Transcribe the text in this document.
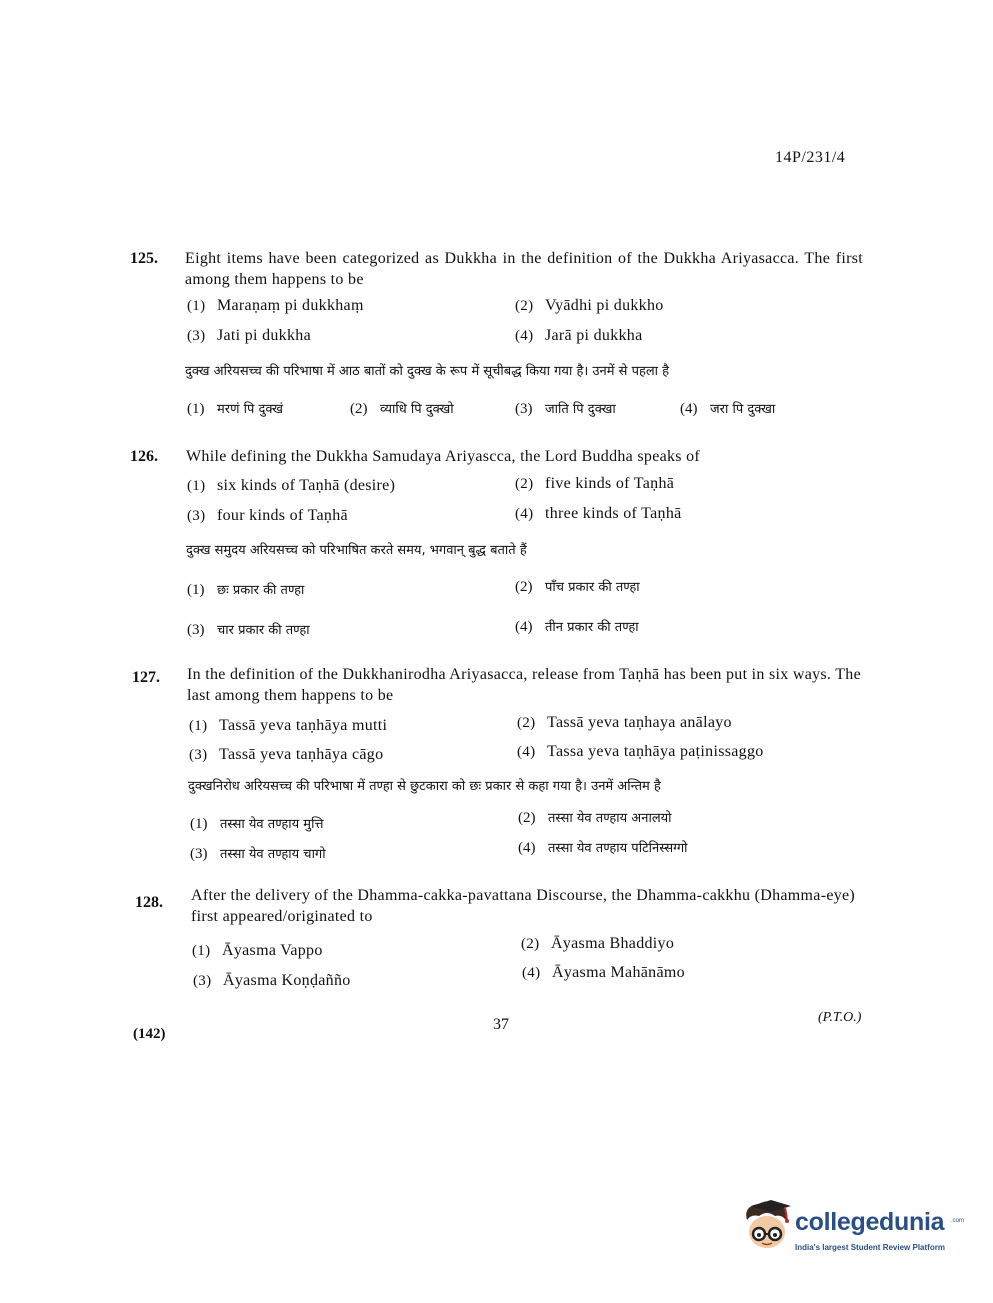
14P/231/4
125. Eight items have been categorized as Dukkha in the definition of the Dukkha Ariyasacca. The first among them happens to be
(1) Maraṇaṃ pi dukkhaṃ	(2) Vyādhi pi dukkho
(3) Jati pi dukkha	(4) Jarā pi dukkha
दुक्ख अरियसच्च की परिभाषा में आठ बातों को दुक्ख के रूप में सूचीबद्ध किया गया है। उनमें से पहला है
(1) मरणं पि दुक्खं	(2) व्याधि पि दुक्खो	(3) जाति पि दुक्खा	(4) जरा पि दुक्खा
126. While defining the Dukkha Samudaya Ariyascca, the Lord Buddha speaks of
(1) six kinds of Taṇhā (desire)	(2) five kinds of Taṇhā
(3) four kinds of Taṇhā	(4) three kinds of Taṇhā
दुक्ख समुदय अरियसच्च को परिभाषित करते समय, भगवान् बुद्ध बताते हैं
(1) छः प्रकार की तण्हा	(2) पाँच प्रकार की तण्हा
(3) चार प्रकार की तण्हा	(4) तीन प्रकार की तण्हा
127. In the definition of the Dukkhanirodha Ariyasacca, release from Taṇhā has been put in six ways. The last among them happens to be
(1) Tassā yeva taṇhāya mutti	(2) Tassā yeva taṇhaya anālayo
(3) Tassā yeva taṇhāya cāgo	(4) Tassa yeva taṇhāya paṭinissaggo
दुक्खनिरोध अरियसच्च की परिभाषा में तण्हा से छुटकारा को छः प्रकार से कहा गया है। उनमें अन्तिम है
(1) तस्सा येव तण्हाय मुत्ति	(2) तस्सा येव तण्हाय अनालयो
(3) तस्सा येव तण्हाय चागो	(4) तस्सा येव तण्हाय पटिनिस्सग्गो
128. After the delivery of the Dhamma-cakka-pavattana Discourse, the Dhamma-cakkhu (Dhamma-eye) first appeared/originated to
(1) Āyasma Vappo	(2) Āyasma Bhaddiyo
(3) Āyasma Koṇḍañño	(4) Āyasma Mahānāmo
(142)
37	(P.T.O.)
collegedunia .com
India's largest Student Review Platform
